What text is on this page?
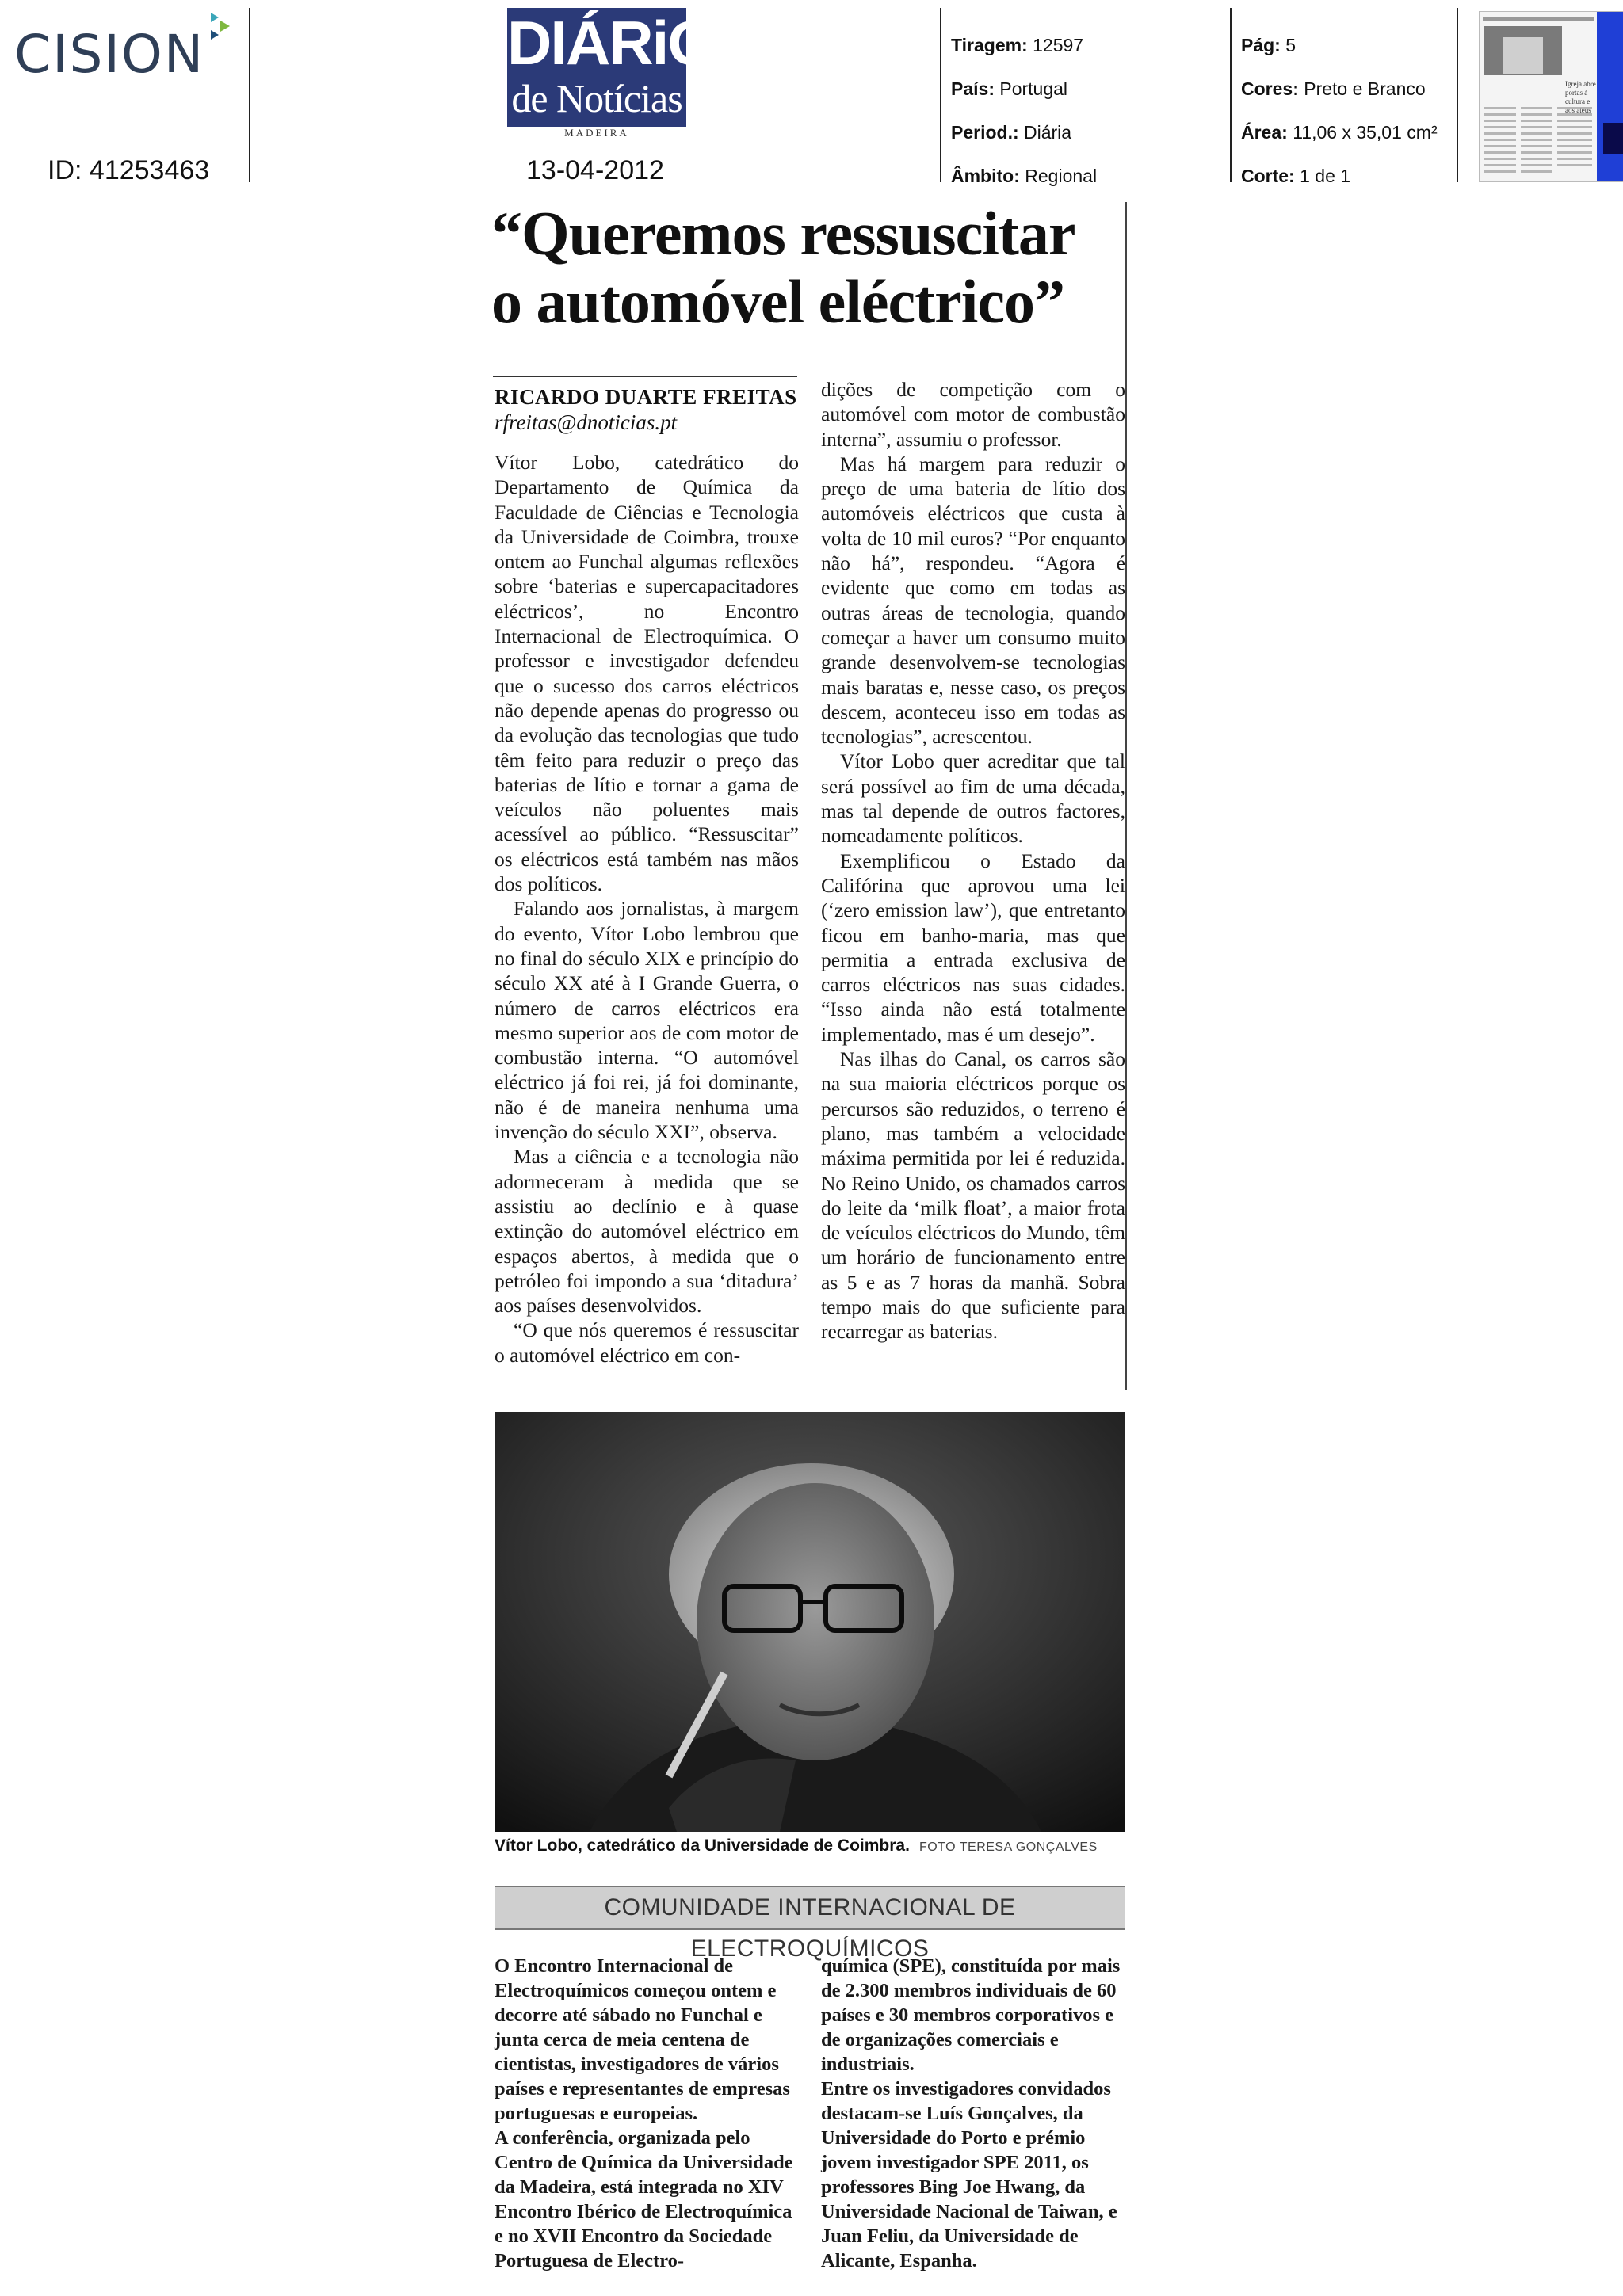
CISION
ID: 41253463
DIÁRiO
de Notícias
MADEIRA
13-04-2012
Tiragem: 12597
País: Portugal
Period.: Diária
Âmbito: Regional
Pág: 5
Cores: Preto e Branco
Área: 11,06 x 35,01 cm²
Corte: 1 de 1
Igreja abre portas à cultura e aos ateus
“Queremos ressuscitar
o automóvel eléctrico”
RICARDO DUARTE FREITAS
rfreitas@dnoticias.pt

Vítor Lobo, catedrático do Departamento de Química da Faculdade de Ciências e Tecnologia da Universidade de Coimbra, trouxe ontem ao Funchal algumas reflexões sobre ‘baterias e supercapacitadores eléctricos’, no Encontro Internacional de Electroquímica. O professor e investigador defendeu que o sucesso dos carros eléctricos não depende apenas do progresso ou da evolução das tecnologias que tudo têm feito para reduzir o preço das baterias de lítio e tornar a gama de veículos não poluentes mais acessível ao público. “Ressuscitar” os eléctricos está também nas mãos dos políticos.

Falando aos jornalistas, à margem do evento, Vítor Lobo lembrou que no final do século XIX e princípio do século XX até à I Grande Guerra, o número de carros eléctricos era mesmo superior aos de com motor de combustão interna. “O automóvel eléctrico já foi rei, já foi dominante, não é de maneira nenhuma uma invenção do século XXI”, observa.

Mas a ciência e a tecnologia não adormeceram à medida que se assistiu ao declínio e à quase extinção do automóvel eléctrico em espaços abertos, à medida que o petróleo foi impondo a sua ‘ditadura’ aos países desenvolvidos.

“O que nós queremos é ressuscitar o automóvel eléctrico em con-

dições de competição com o automóvel com motor de combustão interna”, assumiu o professor.

Mas há margem para reduzir o preço de uma bateria de lítio dos automóveis eléctricos que custa à volta de 10 mil euros? “Por enquanto não há”, respondeu. “Agora é evidente que como em todas as outras áreas de tecnologia, quando começar a haver um consumo muito grande desenvolvem-se tecnologias mais baratas e, nesse caso, os preços descem, aconteceu isso em todas as tecnologias”, acrescentou.

Vítor Lobo quer acreditar que tal será possível ao fim de uma década, mas tal depende de outros factores, nomeadamente políticos.

Exemplificou o Estado da Califórina que aprovou uma lei (‘zero emission law’), que entretanto ficou em banho-maria, mas que permitia a entrada exclusiva de carros eléctricos nas suas cidades. “Isso ainda não está totalmente implementado, mas é um desejo”.

Nas ilhas do Canal, os carros são na sua maioria eléctricos porque os percursos são reduzidos, o terreno é plano, mas também a velocidade máxima permitida por lei é reduzida. No Reino Unido, os chamados carros do leite da ‘milk float’, a maior frota de veículos eléctricos do Mundo, têm um horário de funcionamento entre as 5 e as 7 horas da manhã. Sobra tempo mais do que suficiente para recarregar as baterias.

Vítor Lobo, catedrático da Universidade de Coimbra. FOTO TERESA GONÇALVES
COMUNIDADE INTERNACIONAL DE ELECTROQUÍMICOS

O Encontro Internacional de Electroquímicos começou ontem e decorre até sábado no Funchal e junta cerca de meia centena de cientistas, investigadores de vários países e representantes de empresas portuguesas e europeias.

A conferência, organizada pelo Centro de Química da Universidade da Madeira, está integrada no XIV Encontro Ibérico de Electroquímica e no XVII Encontro da Sociedade Portuguesa de Electro-

química (SPE), constituída por mais de 2.300 membros individuais de 60 países e 30 membros corporativos e de organizações comerciais e industriais.

Entre os investigadores convidados destacam-se Luís Gonçalves, da Universidade do Porto e prémio jovem investigador SPE 2011, os professores Bing Joe Hwang, da Universidade Nacional de Taiwan, e Juan Feliu, da Universidade de Alicante, Espanha.
